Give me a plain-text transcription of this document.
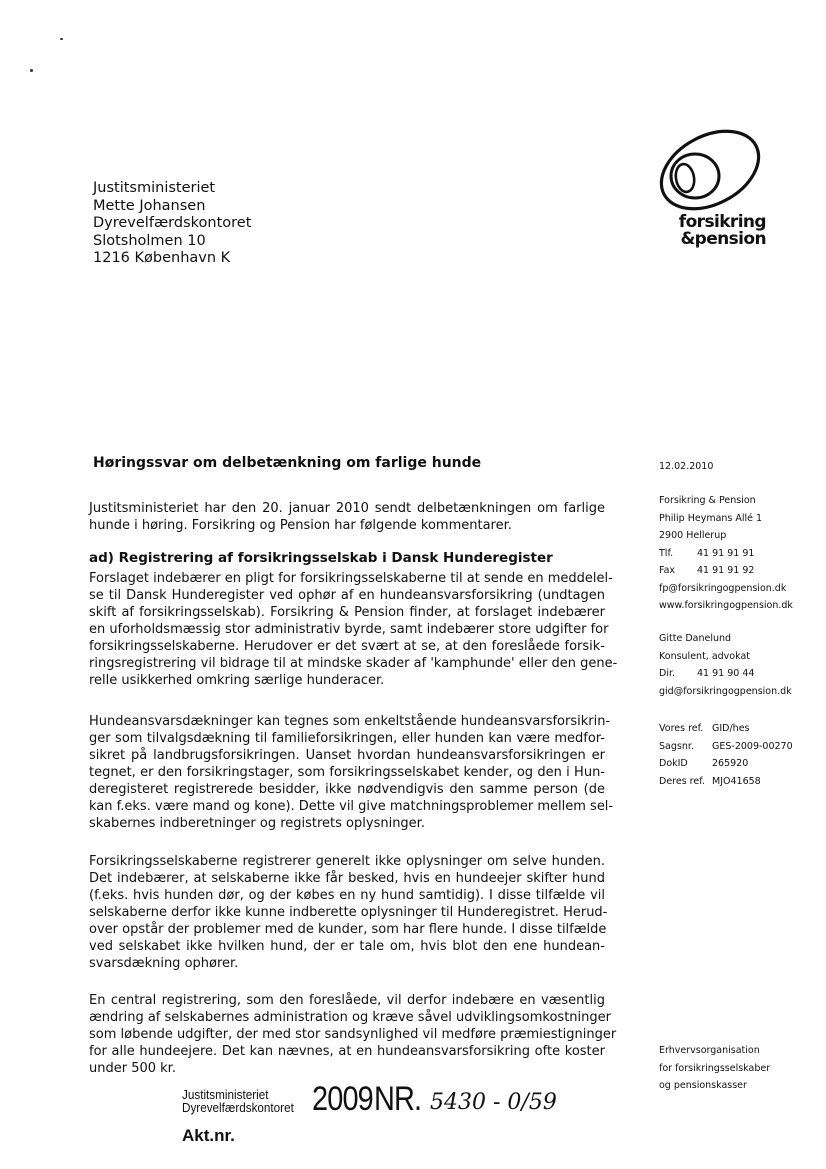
forsikring
&pension
Justitsministeriet
Mette Johansen
Dyrevelfærdskontoret
Slotsholmen 10
1216 København K
Høringssvar om delbetænkning om farlige hunde
Justitsministeriet har den 20. januar 2010 sendt delbetænkningen om farlige
hunde i høring. Forsikring og Pension har følgende kommentarer.
ad) Registrering af forsikringsselskab i Dansk Hunderegister
Forslaget indebærer en pligt for forsikringsselskaberne til at sende en meddelel-
se til Dansk Hunderegister ved ophør af en hundeansvarsforsikring (undtagen
skift af forsikringsselskab). Forsikring & Pension finder, at forslaget indebærer
en uforholdsmæssig stor administrativ byrde, samt indebærer store udgifter for
forsikringsselskaberne. Herudover er det svært at se, at den foreslåede forsik-
ringsregistrering vil bidrage til at mindske skader af 'kamphunde' eller den gene-
relle usikkerhed omkring særlige hunderacer.
Hundeansvarsdækninger kan tegnes som enkeltstående hundeansvarsforsikrin-
ger som tilvalgsdækning til familieforsikringen, eller hunden kan være medfor-
sikret på landbrugsforsikringen. Uanset hvordan hundeansvarsforsikringen er
tegnet, er den forsikringstager, som forsikringsselskabet kender, og den i Hun-
deregisteret registrerede besidder, ikke nødvendigvis den samme person (de
kan f.eks. være mand og kone). Dette vil give matchningsproblemer mellem sel-
skabernes indberetninger og registrets oplysninger.
Forsikringsselskaberne registrerer generelt ikke oplysninger om selve hunden.
Det indebærer, at selskaberne ikke får besked, hvis en hundeejer skifter hund
(f.eks. hvis hunden dør, og der købes en ny hund samtidig). I disse tilfælde vil
selskaberne derfor ikke kunne indberette oplysninger til Hunderegistret. Herud-
over opstår der problemer med de kunder, som har flere hunde. I disse tilfælde
ved selskabet ikke hvilken hund, der er tale om, hvis blot den ene hundean-
svarsdækning ophører.
En central registrering, som den foreslåede, vil derfor indebære en væsentlig
ændring af selskabernes administration og kræve såvel udviklingsomkostninger
som løbende udgifter, der med stor sandsynlighed vil medføre præmiestigninger
for alle hundeejere. Det kan nævnes, at en hundeansvarsforsikring ofte koster
under 500 kr.
12.02.2010
Forsikring & Pension
Philip Heymans Allé 1
2900 Hellerup
Tlf.	41 91 91 91
Fax 41 91 91 92
fp@forsikringogpension.dk
www.forsikringogpension.dk
Gitte Danelund
Konsulent, advokat
Dir. 41 91 90 44
gid@forsikringogpension.dk
Vores ref. GID/hes
Sagsnr. GES-2009-00270
DokID	265920
Deres ref. MJO41658
Erhvervsorganisation
for forsikringsselskaber
og pensionskasser
Justitsministeriet
Dyrevelfærdskontoret 2009 NR. 5430 - 0/59
Akt.nr.
